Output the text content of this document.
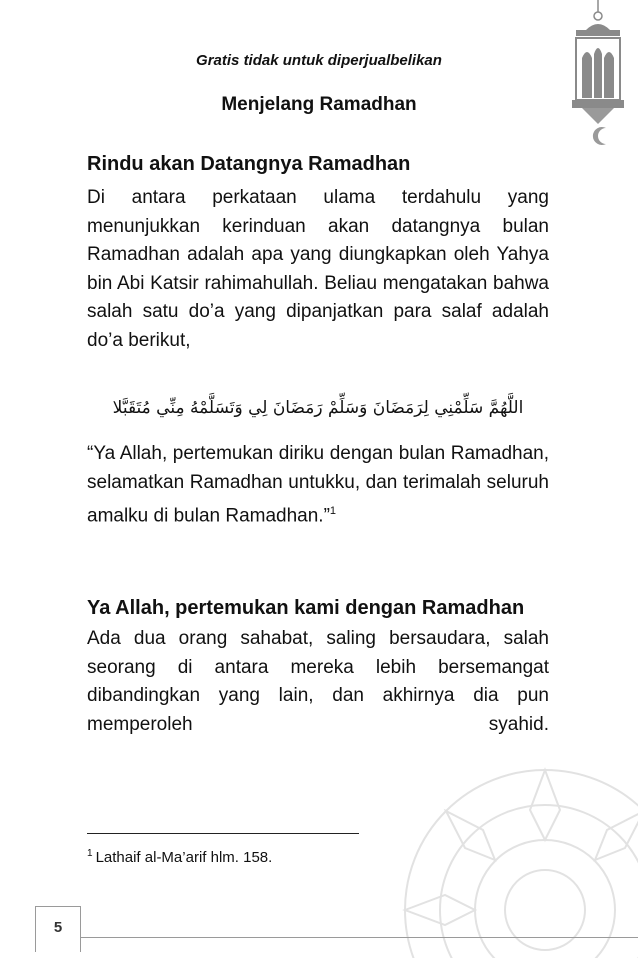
Gratis tidak untuk diperjualbelikan
Menjelang Ramadhan
Rindu akan Datangnya Ramadhan
Di antara perkataan ulama terdahulu yang menunjukkan kerinduan akan datangnya bulan Ramadhan adalah apa yang diungkapkan oleh Yahya bin Abi Katsir rahimahullah. Beliau mengatakan bahwa salah satu do’a yang dipanjatkan para salaf adalah do’a berikut,
اللَّهُمَّ سَلِّمْنِي لِرَمَضَانَ وَسَلِّمْ رَمَضَانَ لِي وَتَسَلَّمْهُ مِنِّي مُتَقَبَّلا
“Ya Allah, pertemukan diriku dengan bulan Ramadhan, selamatkan Ramadhan untukku, dan terimalah seluruh amalku di bulan Ramadhan.”$^1$
Ya Allah, pertemukan kami dengan Ramadhan
Ada dua orang sahabat, saling bersaudara, salah seorang di antara mereka lebih bersemangat dibandingkan yang lain, dan akhirnya dia pun memperoleh syahid.
$^1$ Lathaif al-Ma’arif hlm. 158.
5
